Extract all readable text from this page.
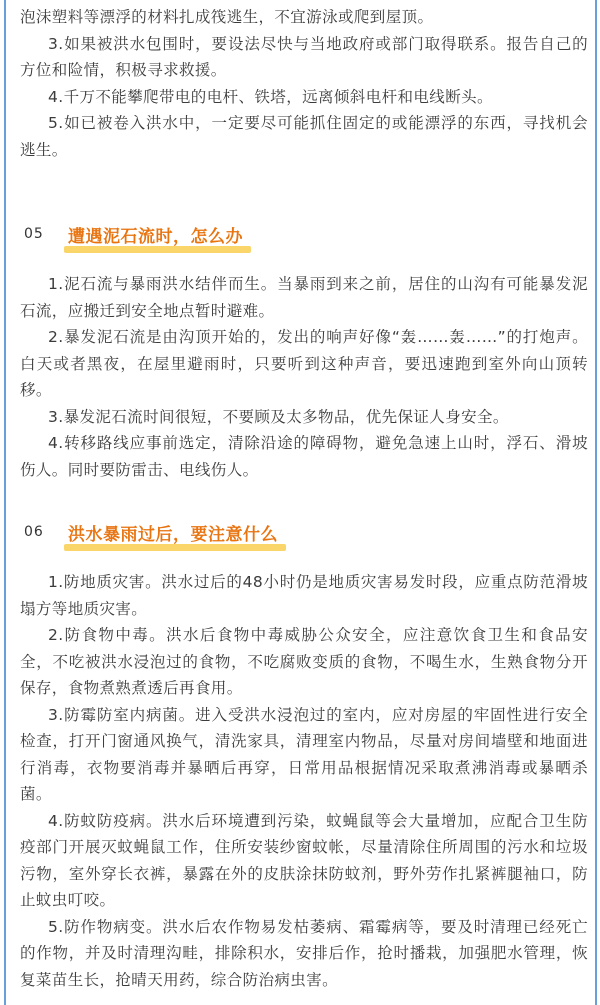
泡沫塑料等漂浮的材料扎成筏逃生，不宜游泳或爬到屋顶。

3.如果被洪水包围时，要设法尽快与当地政府或部门取得联系。报告自己的方位和险情，积极寻求救援。

4.千万不能攀爬带电的电杆、铁塔，远离倾斜电杆和电线断头。

5.如已被卷入洪水中，一定要尽可能抓住固定的或能漂浮的东西，寻找机会逃生。

05	遭遇泥石流时，怎么办

1.泥石流与暴雨洪水结伴而生。当暴雨到来之前，居住的山沟有可能暴发泥石流，应搬迁到安全地点暂时避难。

2.暴发泥石流是由沟顶开始的，发出的响声好像“轰……轰……”的打炮声。白天或者黑夜，在屋里避雨时，只要听到这种声音，要迅速跑到室外向山顶转移。

3.暴发泥石流时间很短，不要顾及太多物品，优先保证人身安全。

4.转移路线应事前选定，清除沿途的障碍物，避免急速上山时，浮石、滑坡伤人。同时要防雷击、电线伤人。

06	洪水暴雨过后，要注意什么

1.防地质灾害。洪水过后的48小时仍是地质灾害易发时段，应重点防范滑坡塌方等地质灾害。

2.防食物中毒。洪水后食物中毒威胁公众安全，应注意饮食卫生和食品安全，不吃被洪水浸泡过的食物，不吃腐败变质的食物，不喝生水，生熟食物分开保存，食物煮熟煮透后再食用。

3.防霉防室内病菌。进入受洪水浸泡过的室内，应对房屋的牢固性进行安全检查，打开门窗通风换气，清洗家具，清理室内物品，尽量对房间墙壁和地面进行消毒，衣物要消毒并暴晒后再穿，日常用品根据情况采取煮沸消毒或暴晒杀菌。

4.防蚊防疫病。洪水后环境遭到污染，蚊蝇鼠等会大量增加，应配合卫生防疫部门开展灭蚊蝇鼠工作，住所安装纱窗蚊帐，尽量清除住所周围的污水和垃圾污物，室外穿长衣裤，暴露在外的皮肤涂抹防蚊剂，野外劳作扎紧裤腿袖口，防止蚊虫叮咬。

5.防作物病变。洪水后农作物易发枯萎病、霜霉病等，要及时清理已经死亡的作物，并及时清理沟畦，排除积水，安排后作，抢时播栽，加强肥水管理，恢复菜苗生长，抢晴天用药，综合防治病虫害。
